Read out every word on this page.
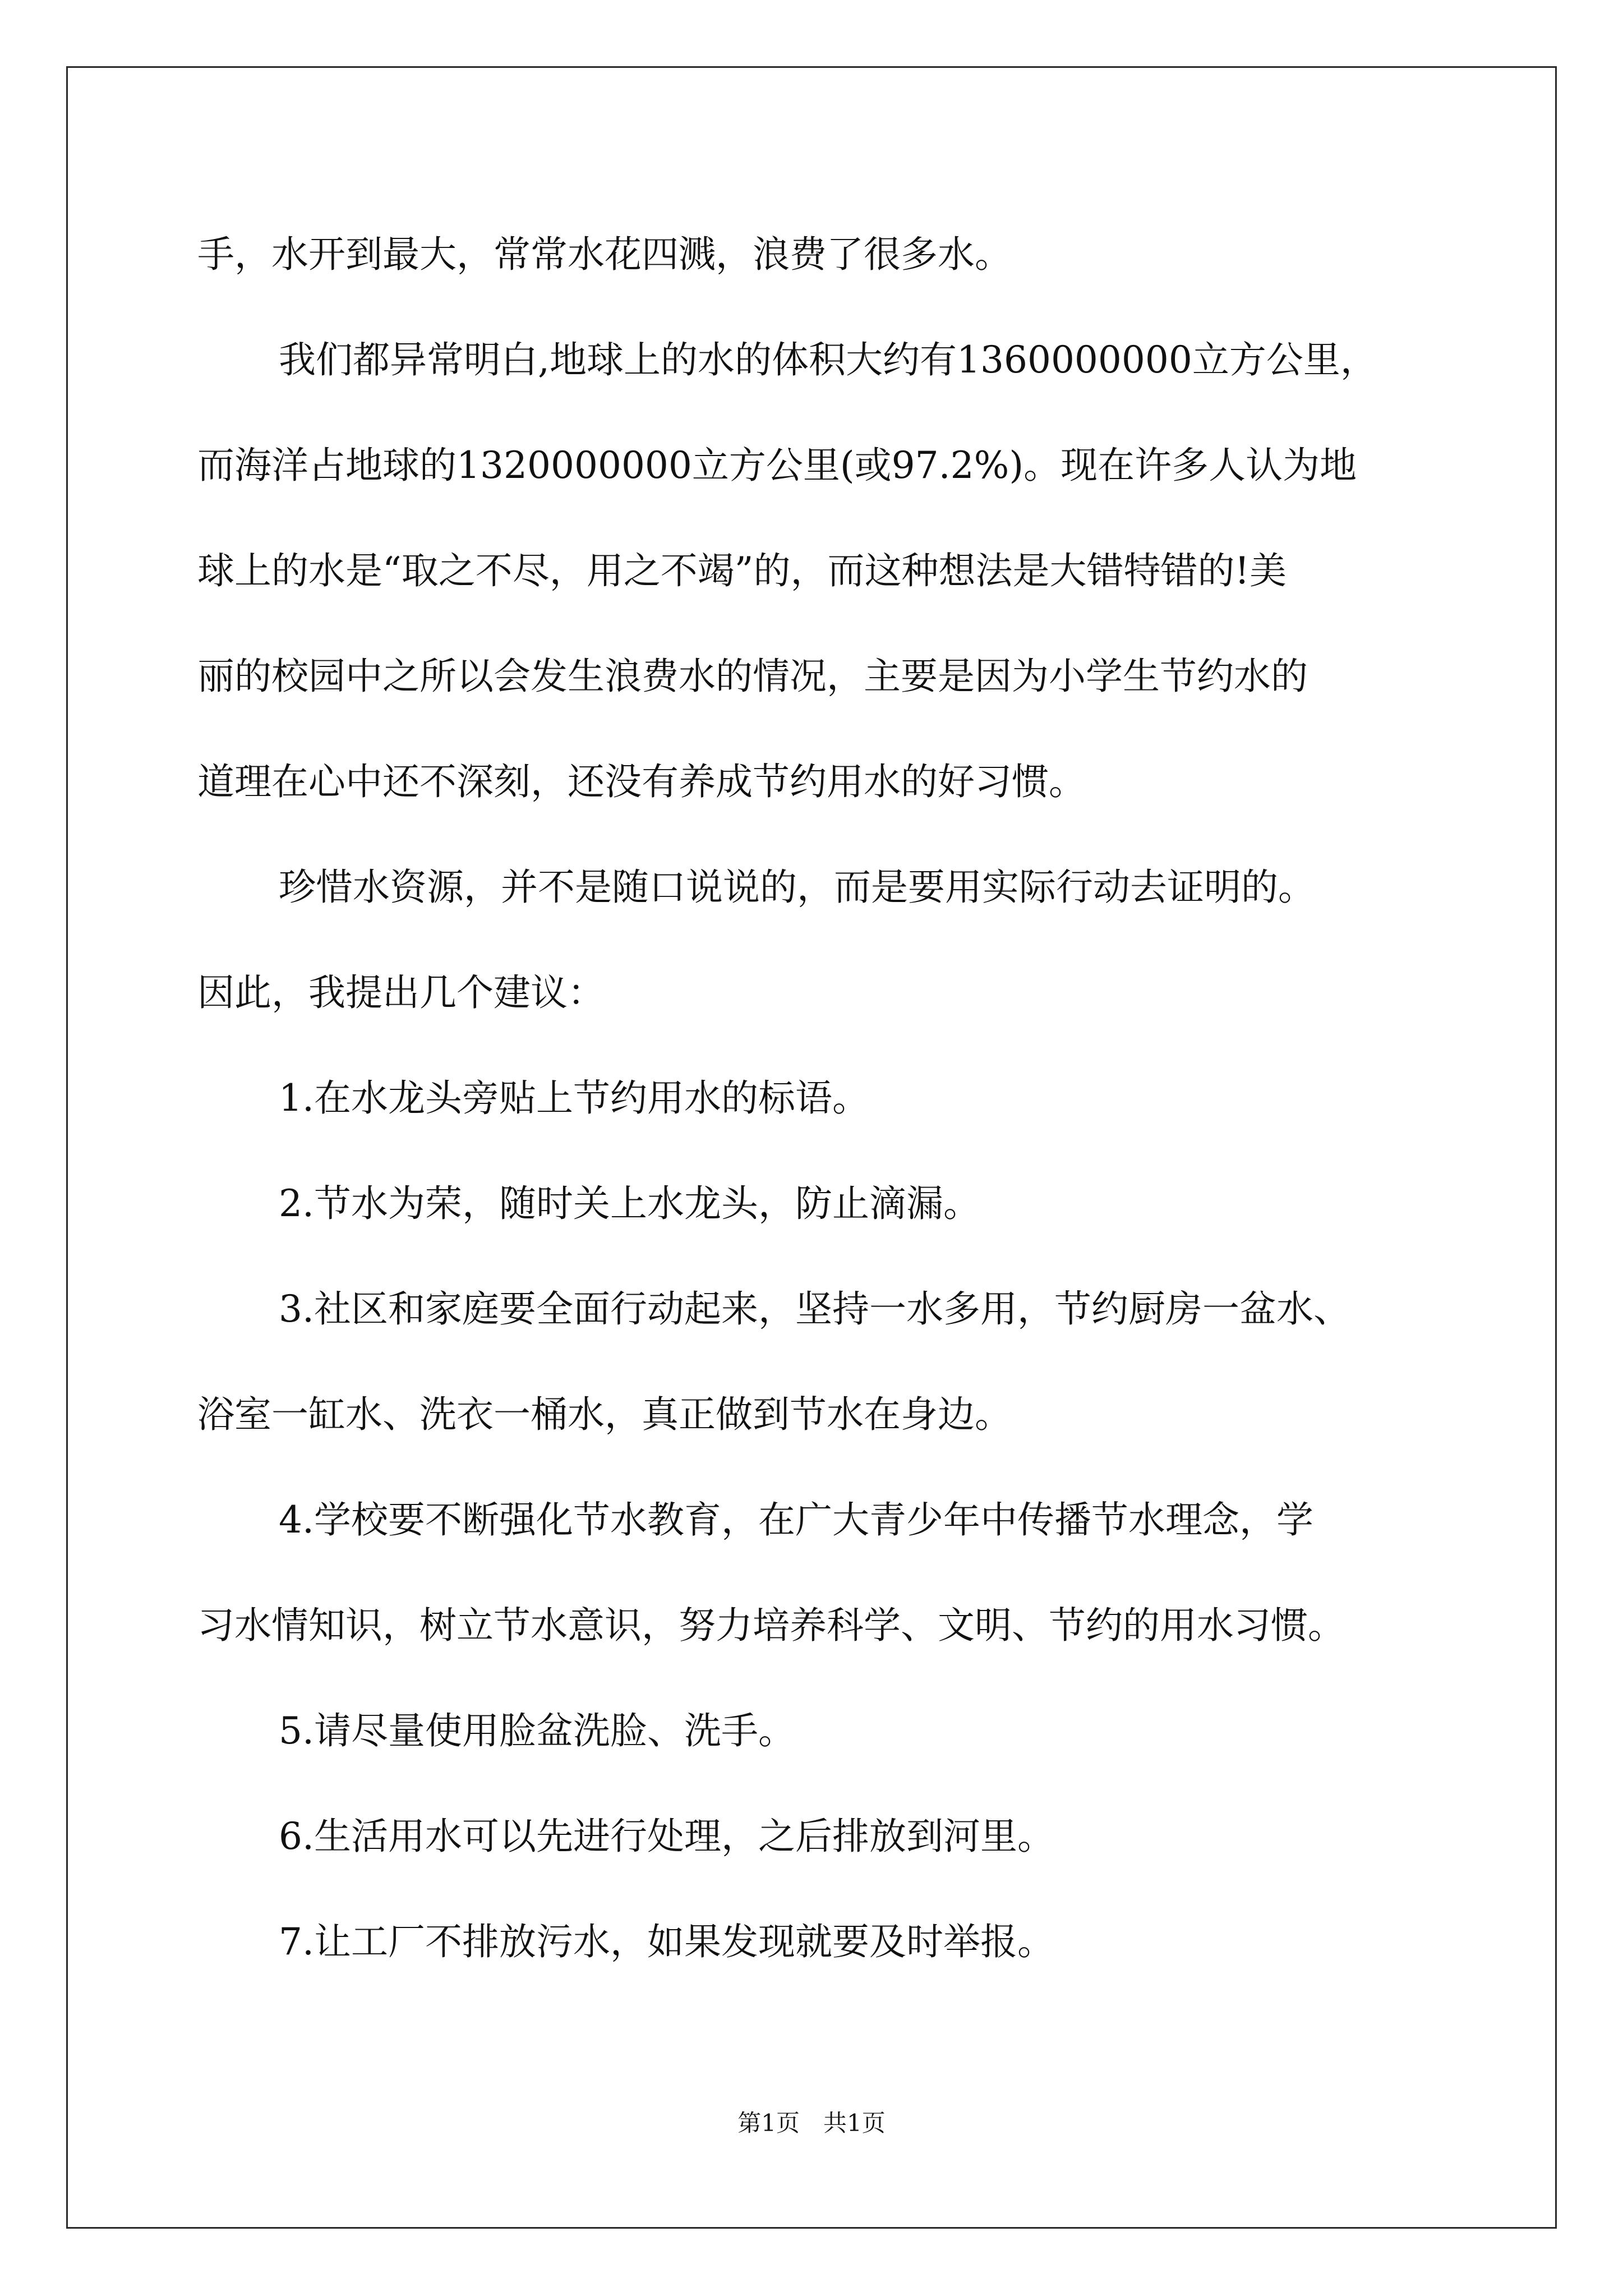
手，水开到最大，常常水花四溅，浪费了很多水。

我们都异常明白,地球上的水的体积大约有1360000000立方公里，

而海洋占地球的1320000000立方公里(或97.2%)。现在许多人认为地

球上的水是“取之不尽，用之不竭”的，而这种想法是大错特错的!美

丽的校园中之所以会发生浪费水的情况，主要是因为小学生节约水的

道理在心中还不深刻，还没有养成节约用水的好习惯。

珍惜水资源，并不是随口说说的，而是要用实际行动去证明的。

因此，我提出几个建议：

1.在水龙头旁贴上节约用水的标语。

2.节水为荣，随时关上水龙头，防止滴漏。

3.社区和家庭要全面行动起来，坚持一水多用，节约厨房一盆水、

浴室一缸水、洗衣一桶水，真正做到节水在身边。

4.学校要不断强化节水教育，在广大青少年中传播节水理念，学

习水情知识，树立节水意识，努力培养科学、文明、节约的用水习惯。

5.请尽量使用脸盆洗脸、洗手。

6.生活用水可以先进行处理，之后排放到河里。

7.让工厂不排放污水，如果发现就要及时举报。

第1页　共1页
